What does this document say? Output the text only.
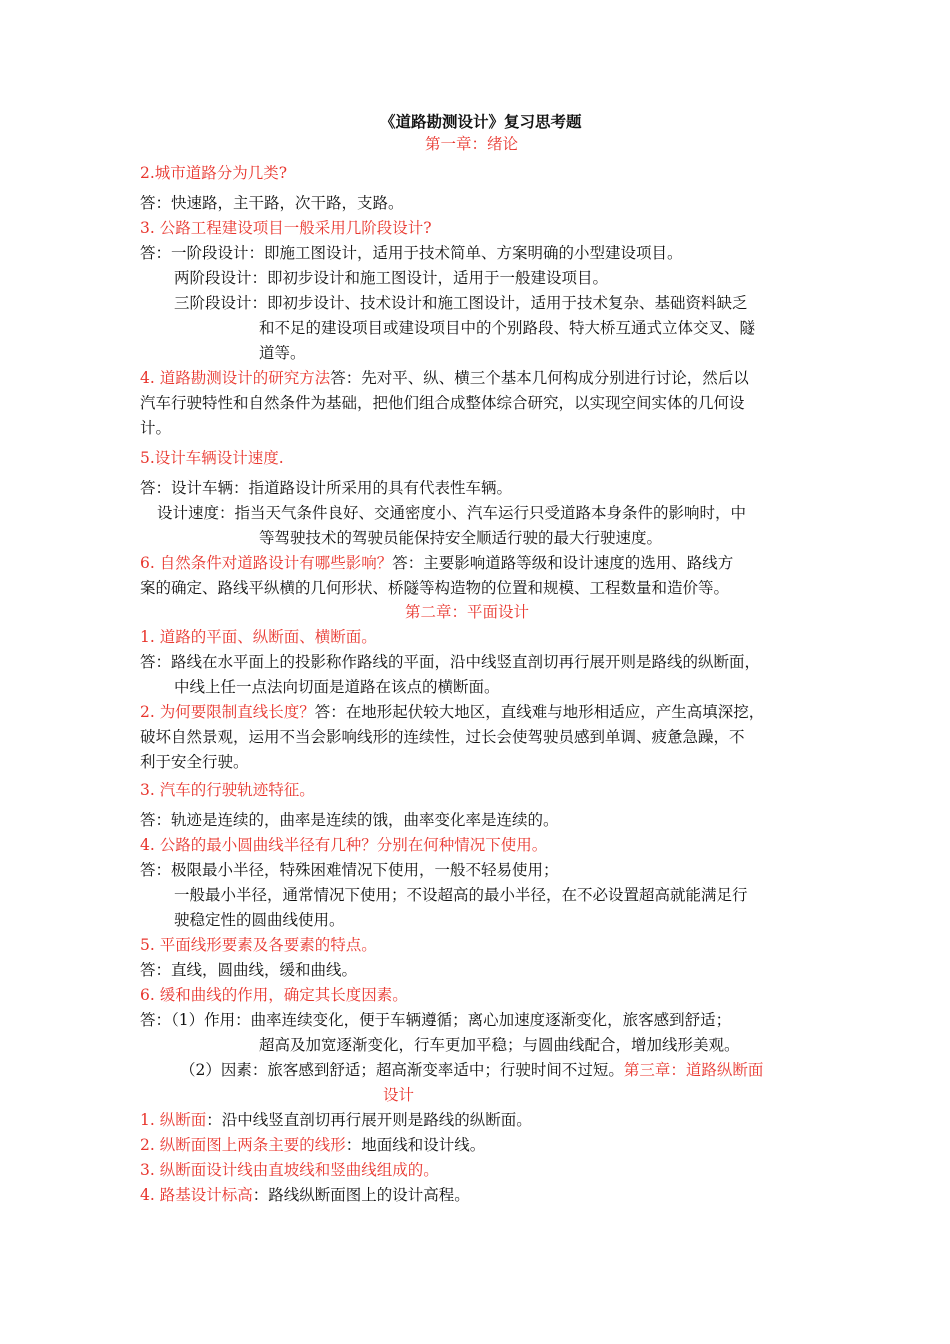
《道路勘测设计》复习思考题
第一章：绪论
2.城市道路分为几类?
答：快速路，主干路，次干路，支路。
3. 公路工程建设项目一般采用几阶段设计?
答：一阶段设计：即施工图设计，适用于技术简单、方案明确的小型建设项目。
两阶段设计：即初步设计和施工图设计，适用于一般建设项目。
三阶段设计：即初步设计、技术设计和施工图设计，适用于技术复杂、基础资料缺乏
和不足的建设项目或建设项目中的个别路段、特大桥互通式立体交叉、隧
道等。
4. 道路勘测设计的研究方法答：先对平、纵、横三个基本几何构成分别进行讨论，然后以
汽车行驶特性和自然条件为基础，把他们组合成整体综合研究，以实现空间实体的几何设
计。
5.设计车辆设计速度.
答：设计车辆：指道路设计所采用的具有代表性车辆。
设计速度：指当天气条件良好、交通密度小、汽车运行只受道路本身条件的影响时，中
等驾驶技术的驾驶员能保持安全顺适行驶的最大行驶速度。
6. 自然条件对道路设计有哪些影响？答：主要影响道路等级和设计速度的选用、路线方
案的确定、路线平纵横的几何形状、桥隧等构造物的位置和规模、工程数量和造价等。
第二章：平面设计
1. 道路的平面、纵断面、横断面。
答：路线在水平面上的投影称作路线的平面，沿中线竖直剖切再行展开则是路线的纵断面，
中线上任一点法向切面是道路在该点的横断面。
2. 为何要限制直线长度？答：在地形起伏较大地区，直线难与地形相适应，产生高填深挖，
破坏自然景观，运用不当会影响线形的连续性，过长会使驾驶员感到单调、疲惫急躁，不
利于安全行驶。
3. 汽车的行驶轨迹特征。
答：轨迹是连续的，曲率是连续的饿，曲率变化率是连续的。
4. 公路的最小圆曲线半径有几种？分别在何种情况下使用。
答：极限最小半径，特殊困难情况下使用，一般不轻易使用；
一般最小半径，通常情况下使用；不设超高的最小半径，在不必设置超高就能满足行
驶稳定性的圆曲线使用。
5. 平面线形要素及各要素的特点。
答：直线，圆曲线，缓和曲线。
6. 缓和曲线的作用，确定其长度因素。
答：（1）作用：曲率连续变化，便于车辆遵循；离心加速度逐渐变化，旅客感到舒适；
超高及加宽逐渐变化，行车更加平稳；与圆曲线配合，增加线形美观。
（2）因素：旅客感到舒适；超高渐变率适中；行驶时间不过短。第三章：道路纵断面
设计
1. 纵断面：沿中线竖直剖切再行展开则是路线的纵断面。
2. 纵断面图上两条主要的线形：地面线和设计线。
3. 纵断面设计线由直坡线和竖曲线组成的。
4. 路基设计标高：路线纵断面图上的设计高程。
